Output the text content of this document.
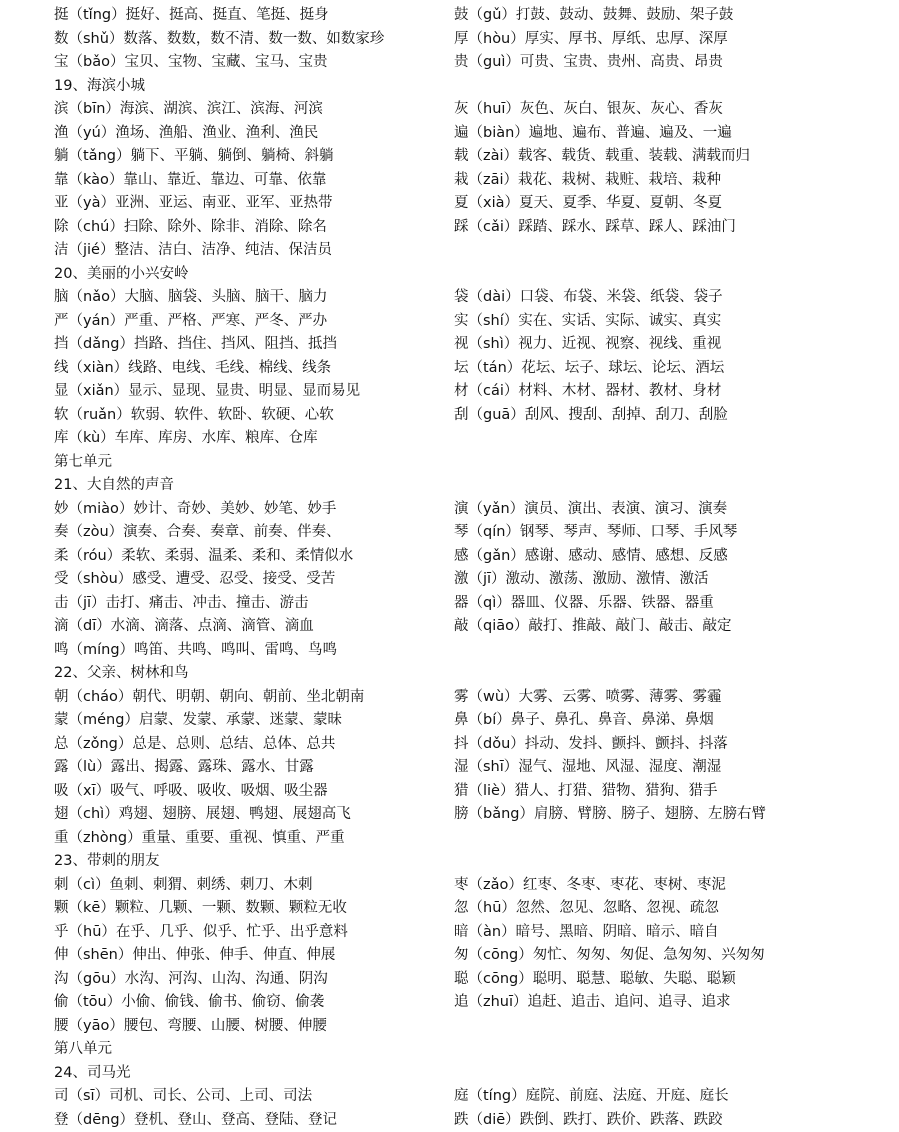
挺（tǐng）挺好、挺高、挺直、笔挺、挺身	鼓（gǔ）打鼓、鼓动、鼓舞、鼓励、架子鼓
数（shǔ）数落、数数，数不清、数一数、如数家珍	厚（hòu）厚实、厚书、厚纸、忠厚、深厚
宝（bǎo）宝贝、宝物、宝藏、宝马、宝贵	贵（guì）可贵、宝贵、贵州、高贵、昂贵
19、海滨小城
滨（bīn）海滨、湖滨、滨江、滨海、河滨	灰（huī）灰色、灰白、银灰、灰心、香灰
渔（yú）渔场、渔船、渔业、渔利、渔民	遍（biàn）遍地、遍布、普遍、遍及、一遍
躺（tǎng）躺下、平躺、躺倒、躺椅、斜躺	载（zài）载客、载货、载重、装载、满载而归
靠（kào）靠山、靠近、靠边、可靠、依靠	栽（zāi）栽花、栽树、栽赃、栽培、栽种
亚（yà）亚洲、亚运、南亚、亚军、亚热带	夏（xià）夏天、夏季、华夏、夏朝、冬夏
除（chú）扫除、除外、除非、消除、除名	踩（cǎi）踩踏、踩水、踩草、踩人、踩油门
洁（jié）整洁、洁白、洁净、纯洁、保洁员
20、美丽的小兴安岭
脑（nǎo）大脑、脑袋、头脑、脑干、脑力	袋（dài）口袋、布袋、米袋、纸袋、袋子
严（yán）严重、严格、严寒、严冬、严办	实（shí）实在、实话、实际、诚实、真实
挡（dǎng）挡路、挡住、挡风、阻挡、抵挡	视（shì）视力、近视、视察、视线、重视
线（xiàn）线路、电线、毛线、棉线、线条	坛（tán）花坛、坛子、球坛、论坛、酒坛
显（xiǎn）显示、显现、显贵、明显、显而易见	材（cái）材料、木材、器材、教材、身材
软（ruǎn）软弱、软件、软卧、软硬、心软	刮（guā）刮风、搜刮、刮掉、刮刀、刮脸
库（kù）车库、库房、水库、粮库、仓库
第七单元
21、大自然的声音
妙（miào）妙计、奇妙、美妙、妙笔、妙手	演（yǎn）演员、演出、表演、演习、演奏
奏（zòu）演奏、合奏、奏章、前奏、伴奏、	琴（qín）钢琴、琴声、琴师、口琴、手风琴
柔（róu）柔软、柔弱、温柔、柔和、柔情似水	感（gǎn）感谢、感动、感情、感想、反感
受（shòu）感受、遭受、忍受、接受、受苦	激（jī）激动、激荡、激励、激情、激活
击（jī）击打、痛击、冲击、撞击、游击	器（qì）器皿、仪器、乐器、铁器、器重
滴（dī）水滴、滴落、点滴、滴管、滴血	敲（qiāo）敲打、推敲、敲门、敲击、敲定
鸣（míng）鸣笛、共鸣、鸣叫、雷鸣、鸟鸣
22、父亲、树林和鸟
朝（cháo）朝代、明朝、朝向、朝前、坐北朝南	雾（wù）大雾、云雾、喷雾、薄雾、雾霾
蒙（méng）启蒙、发蒙、承蒙、迷蒙、蒙昧	鼻（bí）鼻子、鼻孔、鼻音、鼻涕、鼻烟
总（zǒng）总是、总则、总结、总体、总共	抖（dǒu）抖动、发抖、颤抖、颤抖、抖落
露（lù）露出、揭露、露珠、露水、甘露	湿（shī）湿气、湿地、风湿、湿度、潮湿
吸（xī）吸气、呼吸、吸收、吸烟、吸尘器	猎（liè）猎人、打猎、猎物、猎狗、猎手
翅（chì）鸡翅、翅膀、展翅、鸭翅、展翅高飞	膀（bǎng）肩膀、臂膀、膀子、翅膀、左膀右臂
重（zhòng）重量、重要、重视、慎重、严重
23、带刺的朋友
刺（cì）鱼刺、刺猬、刺绣、刺刀、木刺	枣（zǎo）红枣、冬枣、枣花、枣树、枣泥
颗（kē）颗粒、几颗、一颗、数颗、颗粒无收	忽（hū）忽然、忽见、忽略、忽视、疏忽
乎（hū）在乎、几乎、似乎、忙乎、出乎意料	暗（àn）暗号、黑暗、阴暗、暗示、暗自
伸（shēn）伸出、伸张、伸手、伸直、伸展	匆（cōng）匆忙、匆匆、匆促、急匆匆、兴匆匆
沟（gōu）水沟、河沟、山沟、沟通、阴沟	聪（cōng）聪明、聪慧、聪敏、失聪、聪颖
偷（tōu）小偷、偷钱、偷书、偷窃、偷袭	追（zhuī）追赶、追击、追问、追寻、追求
腰（yāo）腰包、弯腰、山腰、树腰、伸腰
第八单元
24、司马光
司（sī）司机、司长、公司、上司、司法	庭（tíng）庭院、前庭、法庭、开庭、庭长
登（dēng）登机、登山、登高、登陆、登记	跌（diē）跌倒、跌打、跌价、跌落、跌跤
